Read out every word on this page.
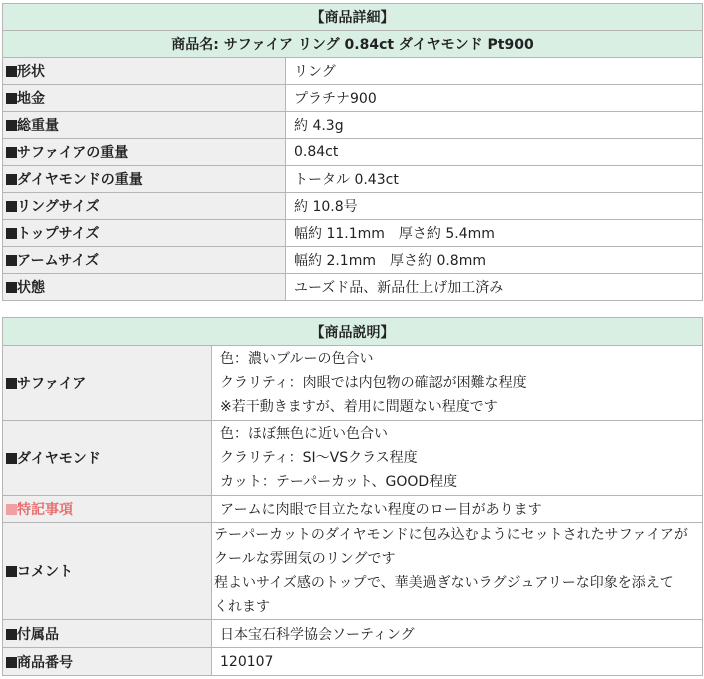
【商品詳細】	
商品名: サファイア リング 0.84ct ダイヤモンド Pt900	
形状	リング
地金	プラチナ900
総重量	約 4.3g
サファイアの重量	0.84ct
ダイヤモンドの重量	トータル 0.43ct
リングサイズ	約 10.8号
トップサイズ	幅約 11.1mm　厚さ約 5.4mm
アームサイズ	幅約 2.1mm　厚さ約 0.8mm
状態	ユーズド品、新品仕上げ加工済み
【商品説明】	
サファイア	色：濃いブルーの色合い
クラリティ：肉眼では内包物の確認が困難な程度
※若干動きますが、着用に問題ない程度です

ダイヤモンド	色：ほぼ無色に近い色合い
クラリティ：SI～VSクラス程度
カット：テーパーカット、GOOD程度

特記事項	アームに肉眼で目立たない程度のロー目があります
コメント	テーパーカットのダイヤモンドに包み込むようにセットされたサファイアが
クールな雰囲気のリングです
程よいサイズ感のトップで、華美過ぎないラグジュアリーな印象を添えて
くれます

付属品	日本宝石科学協会ソーティング
商品番号	120107
